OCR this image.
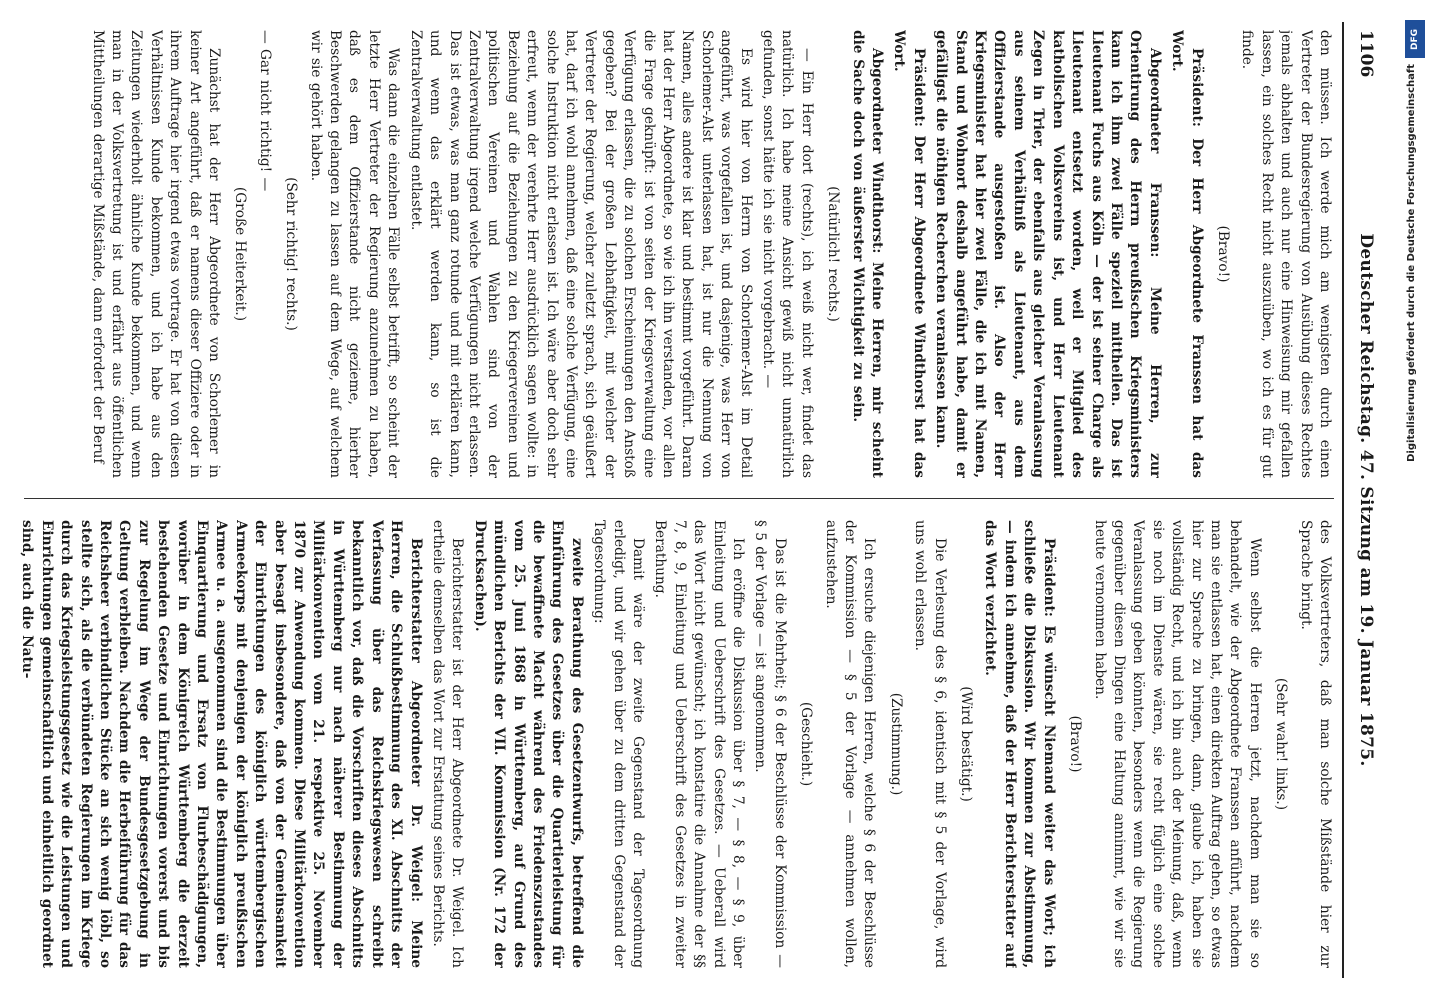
1106
Deutscher Reichstag. 47. Sitzung am 19. Januar 1875.

den müssen. Ich werde mich am wenigsten durch einen Vertreter der Bundesregierung von Ausübung dieses Rechtes jemals abhalten und auch nur eine Hinweisung mir gefallen lassen, ein solches Recht nicht auszuüben, wo ich es für gut finde.

(Bravo!)

Präsident: Der Herr Abgeordnete Franssen hat das Wort.

Abgeordneter Franssen: Meine Herren, zur Orientirung des Herrn preußischen Kriegsministers kann ich ihm zwei Fälle speziell mittheilen. Das ist Lieutenant Fuchs aus Köln — der ist seiner Charge als Lieutenant entsetzt worden, weil er Mitglied des katholischen Volksvereins ist, und Herr Lieutenant Zegen in Trier, der ebenfalls aus gleicher Veranlassung aus seinem Verhältniß als Lieutenant, aus dem Offizierstande ausgestoßen ist. Also der Herr Kriegsminister hat hier zwei Fälle, die ich mit Namen, Stand und Wohnort deshalb angeführt habe, damit er gefälligst die nöthigen Recherchen veranlassen kann.

Präsident: Der Herr Abgeordnete Windthorst hat das Wort.

Abgeordneter Windthorst: Meine Herren, mir scheint die Sache doch von äußerster Wichtigkeit zu sein.

(Natürlich! rechts.)

— Ein Herr dort (rechts), ich weiß nicht wer, findet das natürlich. Ich habe meine Ansicht gewiß nicht unnatürlich gefunden, sonst hätte ich sie nicht vorgebracht. —

Es wird hier von Herrn von Schorlemer-Alst im Detail angeführt, was vorgefallen ist, und dasjenige, was Herr von Schorlemer-Alst unterlassen hat, ist nur die Nennung von Namen, alles andere ist klar und bestimmt vorgeführt. Daran hat der Herr Abgeordnete, so wie ich ihn verstanden, vor allen die Frage geknüpft: ist von seiten der Kriegsverwaltung eine Verfügung erlassen, die zu solchen Erscheinungen den Anstoß gegeben? Bei der großen Lebhaftigkeit, mit welcher der Vertreter der Regierung, welcher zuletzt sprach, sich geäußert hat, darf ich wohl annehmen, daß eine solche Verfügung, eine solche Instruktion nicht erlassen ist. Ich wäre aber doch sehr erfreut, wenn der verehrte Herr ausdrücklich sagen wollte: in Beziehung auf die Beziehungen zu den Kriegervereinen und politischen Vereinen und Wahlen sind von der Zentralverwaltung irgend welche Verfügungen nicht erlassen. Das ist etwas, was man ganz rotunde und mit erklären kann, und wenn das erklärt werden kann, so ist die Zentralverwaltung entlastet.

Was dann die einzelnen Fälle selbst betrifft, so scheint der letzte Herr Vertreter der Regierung anzunehmen zu haben, daß es dem Offizierstande nicht gezieme, hierher Beschwerden gelangen zu lassen auf dem Wege, auf welchem wir sie gehört haben.

(Sehr richtig! rechts.)

— Gar nicht richtig! —

(Große Heiterkeit.)

Zunächst hat der Herr Abgeordnete von Schorlemer in keiner Art angeführt, daß er namens dieser Offiziere oder in ihrem Auftrage hier irgend etwas vortrage. Er hat von diesen Verhältnissen Kunde bekommen, und ich habe aus den Zeitungen wiederholt ähnliche Kunde bekommen, und wenn man in der Volksvertretung ist und erfährt aus öffentlichen Mittheilungen derartige Mißstände, dann erfordert der Beruf

des Volksvertreters, daß man solche Mißstände hier zur Sprache bringt.

(Sehr wahr! links.)

Wenn selbst die Herren jetzt, nachdem man sie so behandelt, wie der Abgeordnete Franssen anführt, nachdem man sie entlassen hat, einen direkten Auftrag gehen, so etwas hier zur Sprache zu bringen, dann, glaube ich, haben sie vollständig Recht, und ich bin auch der Meinung, daß, wenn sie noch im Dienste wären, sie recht füglich eine solche Veranlassung geben könnten, besonders wenn die Regierung gegenüber diesen Dingen eine Haltung annimmt, wie wir sie heute vernommen haben.

(Bravo!)

Präsident: Es wünscht Niemand weiter das Wort; ich schließe die Diskussion. Wir kommen zur Abstimmung, — indem ich annehme, daß der Herr Berichterstatter auf das Wort verzichtet.

(Wird bestätigt.)

Die Verlesung des § 6, identisch mit § 5 der Vorlage, wird uns wohl erlassen.

(Zustimmung.)

Ich ersuche diejenigen Herren, welche § 6 der Beschlüsse der Kommission — § 5 der Vorlage — annehmen wollen, aufzustehen.

(Geschieht.)

Das ist die Mehrheit; § 6 der Beschlüsse der Kommission — § 5 der Vorlage — ist angenommen.

Ich eröffne die Diskussion über § 7, — § 8, — § 9, über Einleitung und Ueberschrift des Gesetzes. — Ueberall wird das Wort nicht gewünscht; ich konstatire die Annahme der §§ 7, 8, 9, Einleitung und Ueberschrift des Gesetzes in zweiter Berathung.

Damit wäre der zweite Gegenstand der Tagesordnung erledigt, und wir gehen über zu dem dritten Gegenstand der Tagesordnung:

zweite Berathung des Gesetzentwurfs, betreffend die Einführung des Gesetzes über die Quartierleistung für die bewaffnete Macht während des Friedenszustandes vom 25. Juni 1868 in Württemberg, auf Grund des mündlichen Berichts der VII. Kommission (Nr. 172 der Drucksachen).

Berichterstatter ist der Herr Abgeordnete Dr. Weigel. Ich ertheile demselben das Wort zur Erstattung seines Berichts.

Berichterstatter Abgeordneter Dr. Weigel: Meine Herren, die Schlußbestimmung des XI. Abschnitts der Verfassung über das Reichskriegswesen schreibt bekanntlich vor, daß die Vorschriften dieses Abschnitts in Württemberg nur nach näherer Bestimmung der Militärkonvention vom 21. respektive 25. November 1870 zur Anwendung kommen. Diese Militärkonvention aber besagt insbesondere, daß von der Gemeinsamkeit der Einrichtungen des königlich württembergischen Armeekorps mit denjenigen der königlich preußischen Armee u. a. ausgenommen sind die Bestimmungen über Einquartierung und Ersatz von Flurbeschädigungen, worüber in dem Königreich Württemberg die derzeit bestehenden Gesetze und Einrichtungen vorerst und bis zur Regelung im Wege der Bundesgesetzgebung in Geltung verbleiben. Nachdem die Herbeiführung für das Reichsheer verbindlichen Stücke an sich wenig löbl, so stellte sich, als die verbündeten Regierungen im Kriege durch das Kriegsleistungsgesetz wie die Leistungen und Einrichtungen gemeinschaftlich und einheitlich geordnet sind, auch die Natu-

DFG
Digitalisierung gefördert durch die Deutsche Forschungsgemeinschaft
